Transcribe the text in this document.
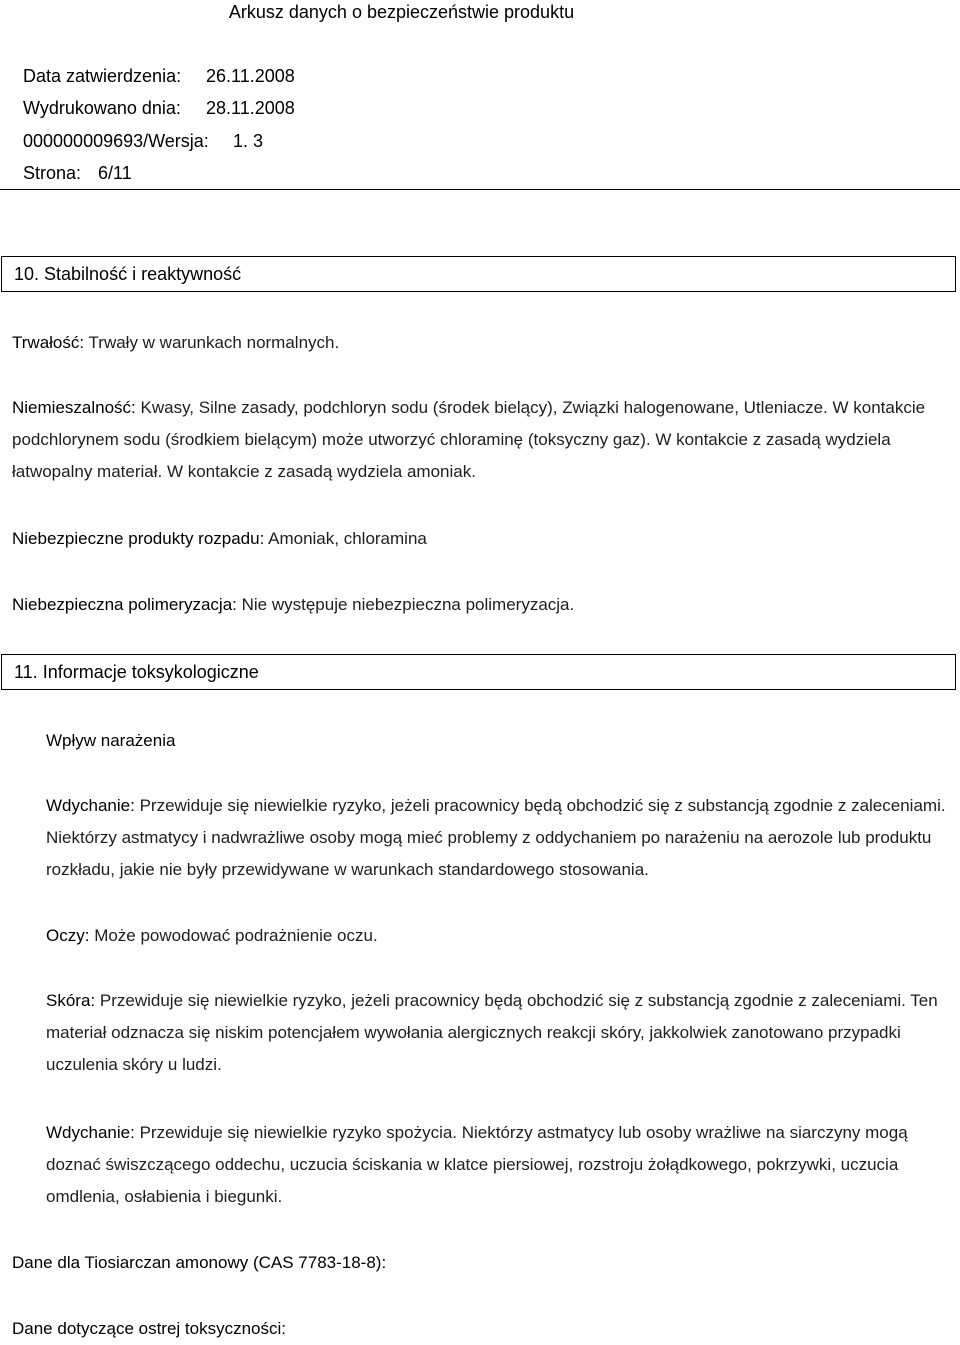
Arkusz danych o bezpieczeństwie produktu
Data zatwierdzenia: 26.11.2008
Wydrukowano dnia: 28.11.2008
000000009693/Wersja: 1. 3
Strona: 6/11
10. Stabilność i reaktywność

Trwałość: Trwały w warunkach normalnych.

Niemieszalność: Kwasy, Silne zasady, podchloryn sodu (środek bielący), Związki halogenowane, Utleniacze. W kontakcie podchlorynem sodu (środkiem bielącym) może utworzyć chloraminę (toksyczny gaz). W kontakcie z zasadą wydziela łatwopalny materiał. W kontakcie z zasadą wydziela amoniak.

Niebezpieczne produkty rozpadu: Amoniak, chloramina

Niebezpieczna polimeryzacja: Nie występuje niebezpieczna polimeryzacja.

11. Informacje toksykologiczne

Wpływ narażenia

Wdychanie: Przewiduje się niewielkie ryzyko, jeżeli pracownicy będą obchodzić się z substancją zgodnie z zaleceniami. Niektórzy astmatycy i nadwrażliwe osoby mogą mieć problemy z oddychaniem po narażeniu na aerozole lub produktu rozkładu, jakie nie były przewidywane w warunkach standardowego stosowania.

Oczy: Może powodować podrażnienie oczu.

Skóra: Przewiduje się niewielkie ryzyko, jeżeli pracownicy będą obchodzić się z substancją zgodnie z zaleceniami. Ten materiał odznacza się niskim potencjałem wywołania alergicznych reakcji skóry, jakkolwiek zanotowano przypadki uczulenia skóry u ludzi.

Wdychanie: Przewiduje się niewielkie ryzyko spożycia. Niektórzy astmatycy lub osoby wrażliwe na siarczyny mogą doznać świszczącego oddechu, uczucia ściskania w klatce piersiowej, rozstroju żołądkowego, pokrzywki, uczucia omdlenia, osłabienia i biegunki.

Dane dla Tiosiarczan amonowy (CAS 7783-18-8):

Dane dotyczące ostrej toksyczności:
